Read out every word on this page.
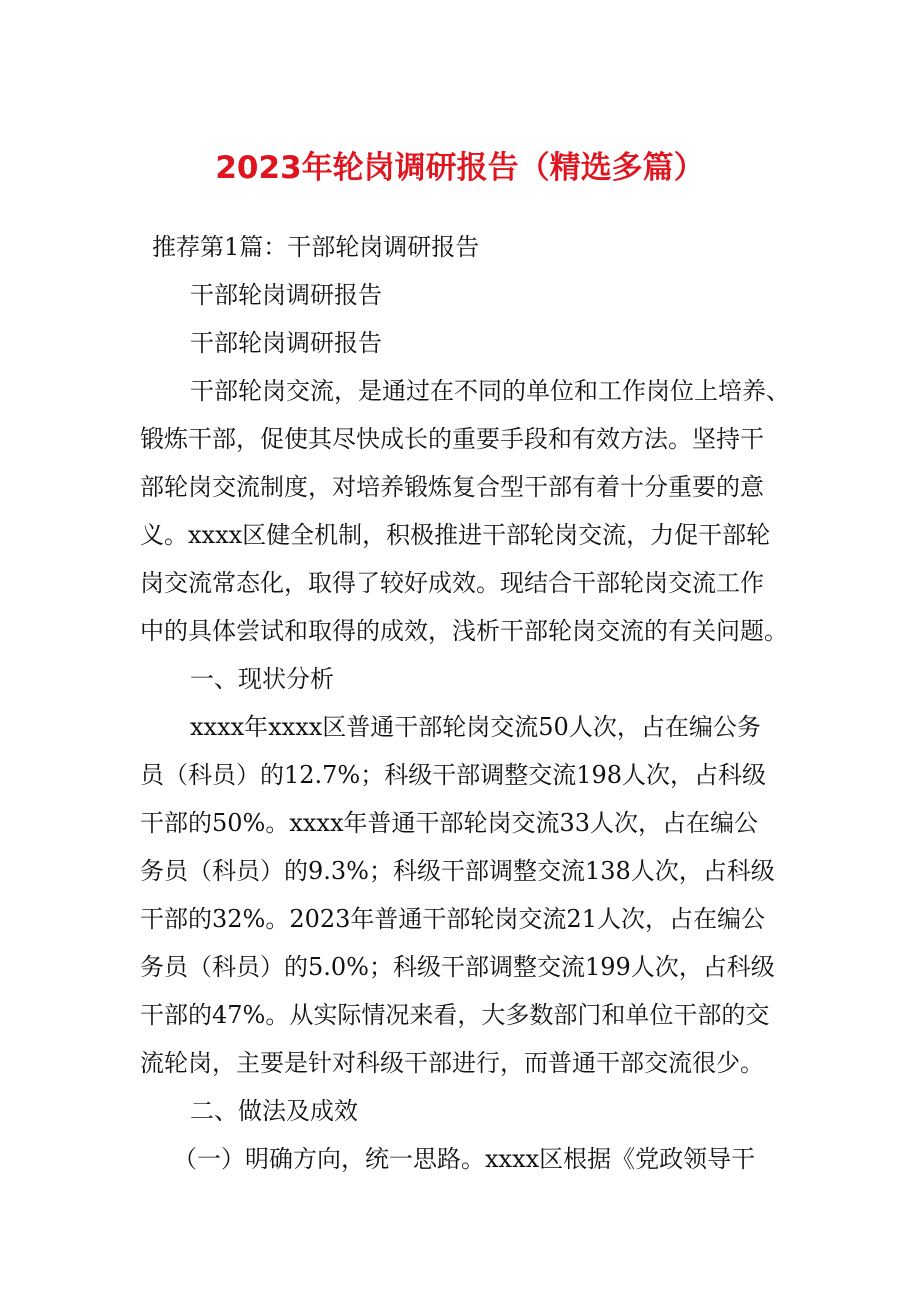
2023年轮岗调研报告（精选多篇）
推荐第1篇：干部轮岗调研报告
干部轮岗调研报告
干部轮岗调研报告
干部轮岗交流，是通过在不同的单位和工作岗位上培养、
锻炼干部，促使其尽快成长的重要手段和有效方法。坚持干
部轮岗交流制度，对培养锻炼复合型干部有着十分重要的意
义。xxxx区健全机制，积极推进干部轮岗交流，力促干部轮
岗交流常态化，取得了较好成效。现结合干部轮岗交流工作
中的具体尝试和取得的成效，浅析干部轮岗交流的有关问题。
一、现状分析
xxxx年xxxx区普通干部轮岗交流50人次，占在编公务
员（科员）的12.7%；科级干部调整交流198人次，占科级
干部的50%。xxxx年普通干部轮岗交流33人次，占在编公
务员（科员）的9.3%；科级干部调整交流138人次，占科级
干部的32%。2023年普通干部轮岗交流21人次，占在编公
务员（科员）的5.0%；科级干部调整交流199人次，占科级
干部的47%。从实际情况来看，大多数部门和单位干部的交
流轮岗，主要是针对科级干部进行，而普通干部交流很少。
二、做法及成效
（一）明确方向，统一思路。xxxx区根据《党政领导干
